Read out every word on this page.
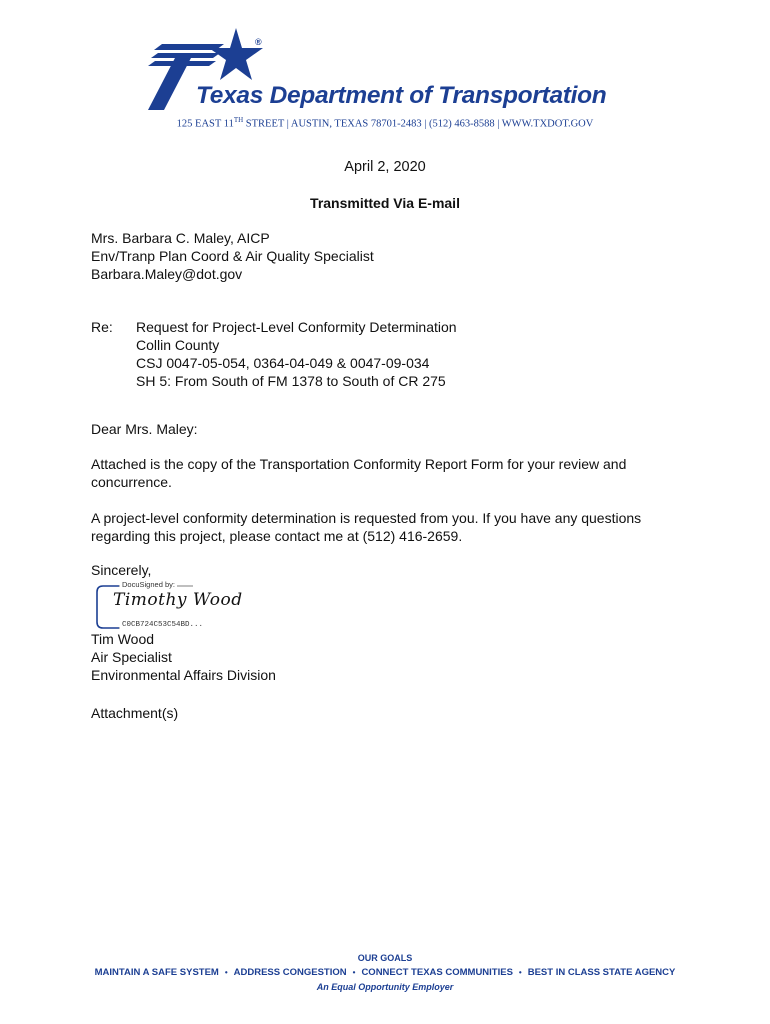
®
Texas Department of Transportation
125 EAST 11TH STREET | AUSTIN, TEXAS 78701-2483 | (512) 463-8588 | WWW.TXDOT.GOV
April 2, 2020
Transmitted Via E-mail
Mrs. Barbara C. Maley, AICP
Env/Tranp Plan Coord & Air Quality Specialist
Barbara.Maley@dot.gov
Re: Request for Project-Level Conformity Determination
Collin County
CSJ 0047-05-054, 0364-04-049 & 0047-09-034
SH 5: From South of FM 1378 to South of CR 275
Dear Mrs. Maley:
Attached is the copy of the Transportation Conformity Report Form for your review and concurrence.
A project-level conformity determination is requested from you. If you have any questions regarding this project, please contact me at (512) 416-2659.
Sincerely,
DocuSigned by:
Timothy Wood
C0CB724C53C54BD...
Tim Wood
Air Specialist
Environmental Affairs Division
Attachment(s)
OUR GOALS
MAINTAIN A SAFE SYSTEM • ADDRESS CONGESTION • CONNECT TEXAS COMMUNITIES • BEST IN CLASS STATE AGENCY
An Equal Opportunity Employer
